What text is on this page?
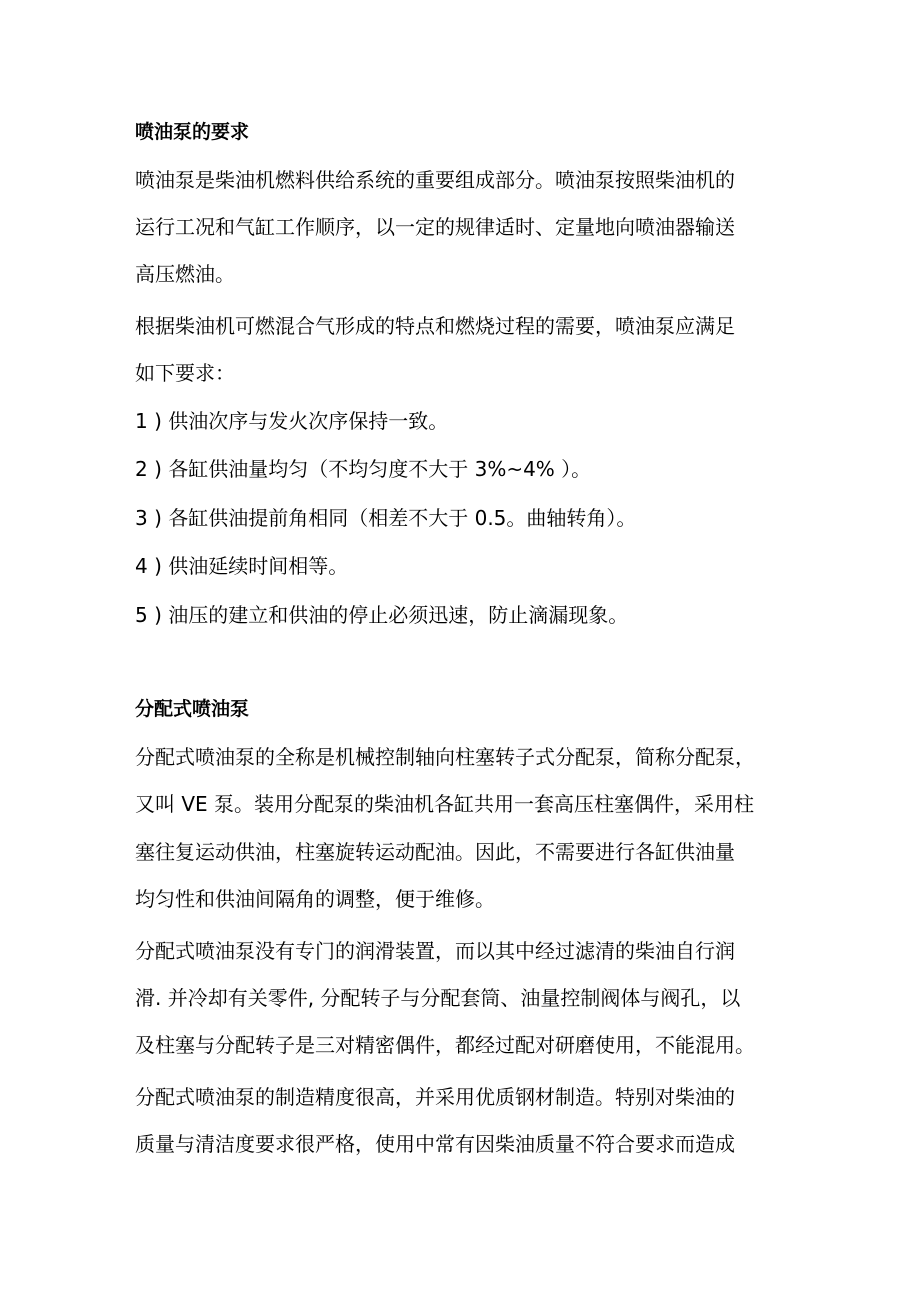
喷油泵的要求
喷油泵是柴油机燃料供给系统的重要组成部分。喷油泵按照柴油机的
运行工况和气缸工作顺序，以一定的规律适时、定量地向喷油器输送
高压燃油。
根据柴油机可燃混合气形成的特点和燃烧过程的需要，喷油泵应满足
如下要求：
1 ) 供油次序与发火次序保持一致。
2 ) 各缸供油量均匀（不均匀度不大于 3%~4% ）。
3 ) 各缸供油提前角相同（相差不大于 0.5。曲轴转角）。
4 ) 供油延续时间相等。
5 ) 油压的建立和供油的停止必须迅速，防止滴漏现象。
分配式喷油泵
分配式喷油泵的全称是机械控制轴向柱塞转子式分配泵，简称分配泵，
又叫 VE 泵。装用分配泵的柴油机各缸共用一套高压柱塞偶件，采用柱
塞往复运动供油，柱塞旋转运动配油。因此，不需要进行各缸供油量
均匀性和供油间隔角的调整，便于维修。
分配式喷油泵没有专门的润滑装置，而以其中经过滤清的柴油自行润
滑. 并冷却有关零件, 分配转子与分配套筒、油量控制阀体与阀孔，以
及柱塞与分配转子是三对精密偶件，都经过配对研磨使用，不能混用。
分配式喷油泵的制造精度很高，并采用优质钢材制造。特别对柴油的
质量与清洁度要求很严格，使用中常有因柴油质量不符合要求而造成
